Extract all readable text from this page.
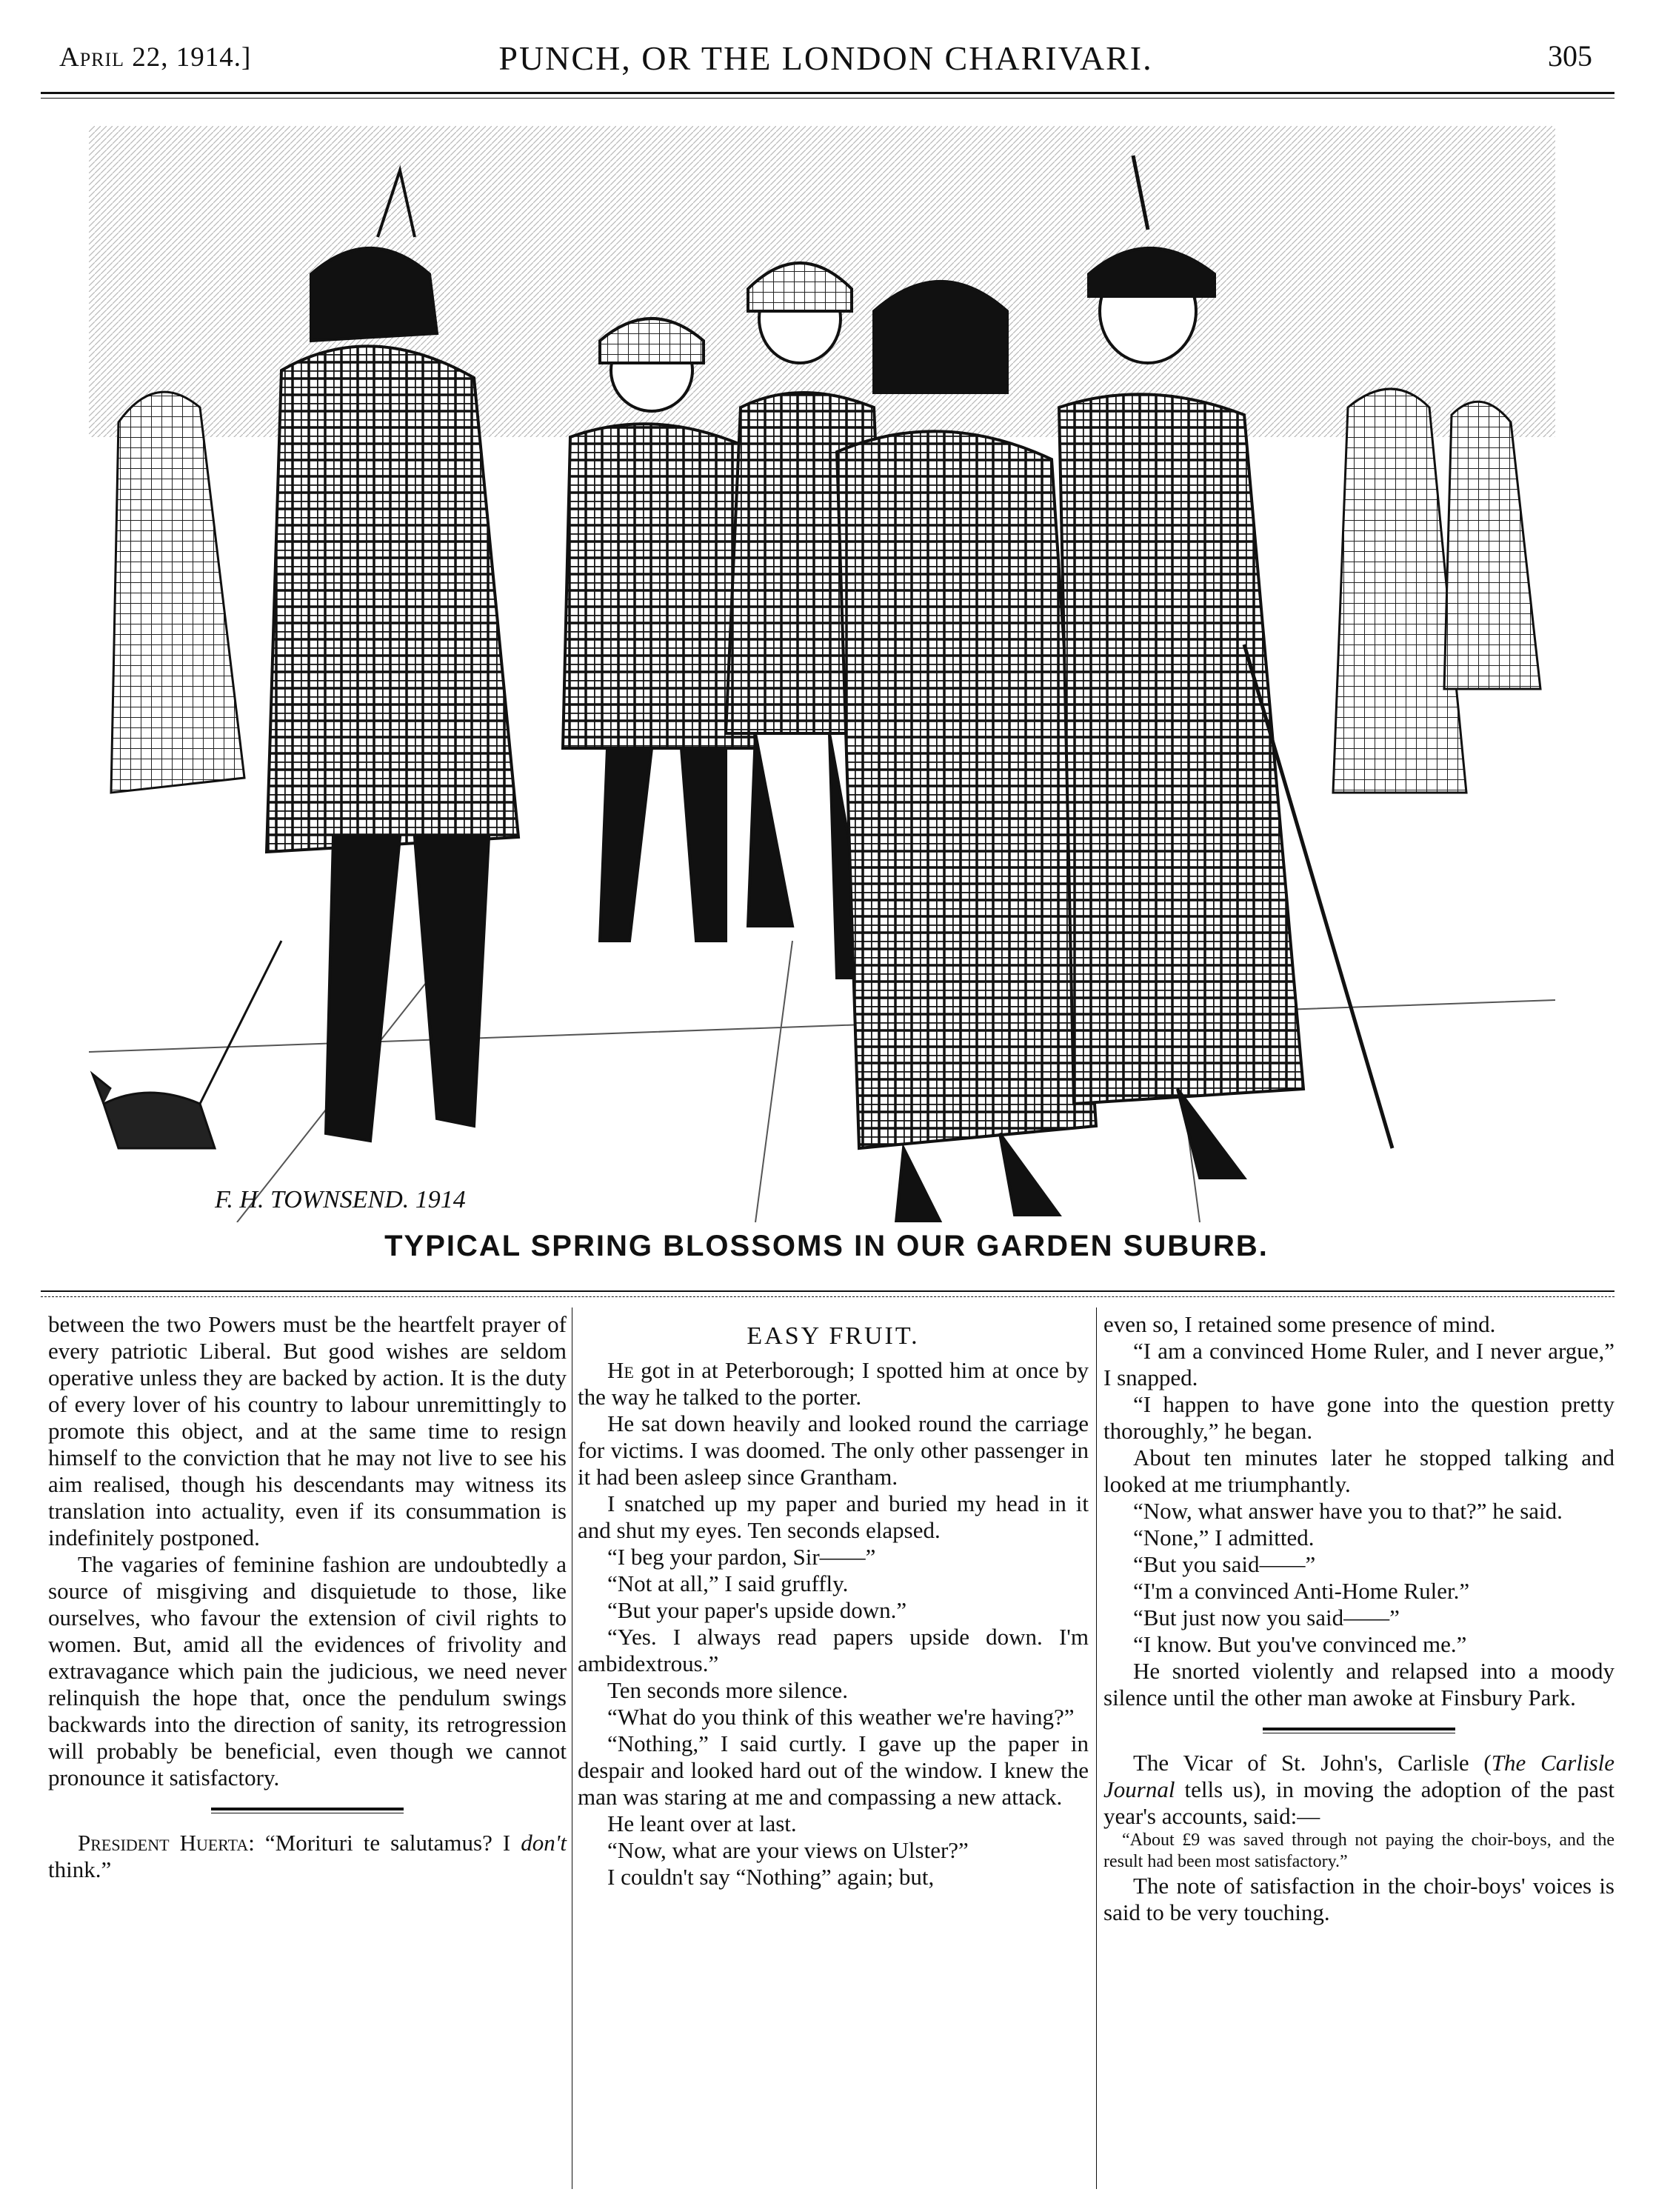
April 22, 1914.]	PUNCH, OR THE LONDON CHARIVARI.	305
F. H. TOWNSEND. 1914
TYPICAL SPRING BLOSSOMS IN OUR GARDEN SUBURB.

between the two Powers must be the heartfelt prayer of every patriotic Liberal. But good wishes are seldom operative unless they are backed by action. It is the duty of every lover of his country to labour unremittingly to promote this object, and at the same time to resign himself to the conviction that he may not live to see his aim realised, though his descendants may witness its translation into actuality, even if its consummation is indefinitely postponed.

The vagaries of feminine fashion are undoubtedly a source of misgiving and disquietude to those, like ourselves, who favour the extension of civil rights to women. But, amid all the evidences of frivolity and extravagance which pain the judicious, we need never relinquish the hope that, once the pendulum swings backwards into the direction of sanity, its retrogression will probably be beneficial, even though we cannot pronounce it satisfactory.

President Huerta: “Morituri te salutamus? I don't think.”

EASY FRUIT.

He got in at Peterborough; I spotted him at once by the way he talked to the porter.

He sat down heavily and looked round the carriage for victims. I was doomed. The only other passenger in it had been asleep since Grantham.

I snatched up my paper and buried my head in it and shut my eyes. Ten seconds elapsed.

“I beg your pardon, Sir——”

“Not at all,” I said gruffly.

“But your paper's upside down.”

“Yes. I always read papers upside down. I'm ambidextrous.”

Ten seconds more silence.

“What do you think of this weather we're having?”

“Nothing,” I said curtly. I gave up the paper in despair and looked hard out of the window. I knew the man was staring at me and compassing a new attack.

He leant over at last.

“Now, what are your views on Ulster?”

I couldn't say “Nothing” again; but,

even so, I retained some presence of mind.

“I am a convinced Home Ruler, and I never argue,” I snapped.

“I happen to have gone into the question pretty thoroughly,” he began.

About ten minutes later he stopped talking and looked at me triumphantly.

“Now, what answer have you to that?” he said.

“None,” I admitted.

“But you said——”

“I'm a convinced Anti-Home Ruler.”

“But just now you said——”

“I know. But you've convinced me.”

He snorted violently and relapsed into a moody silence until the other man awoke at Finsbury Park.

The Vicar of St. John's, Carlisle (The Carlisle Journal tells us), in moving the adoption of the past year's accounts, said:—

“About £9 was saved through not paying the choir-boys, and the result had been most satisfactory.”

The note of satisfaction in the choir-boys' voices is said to be very touching.
